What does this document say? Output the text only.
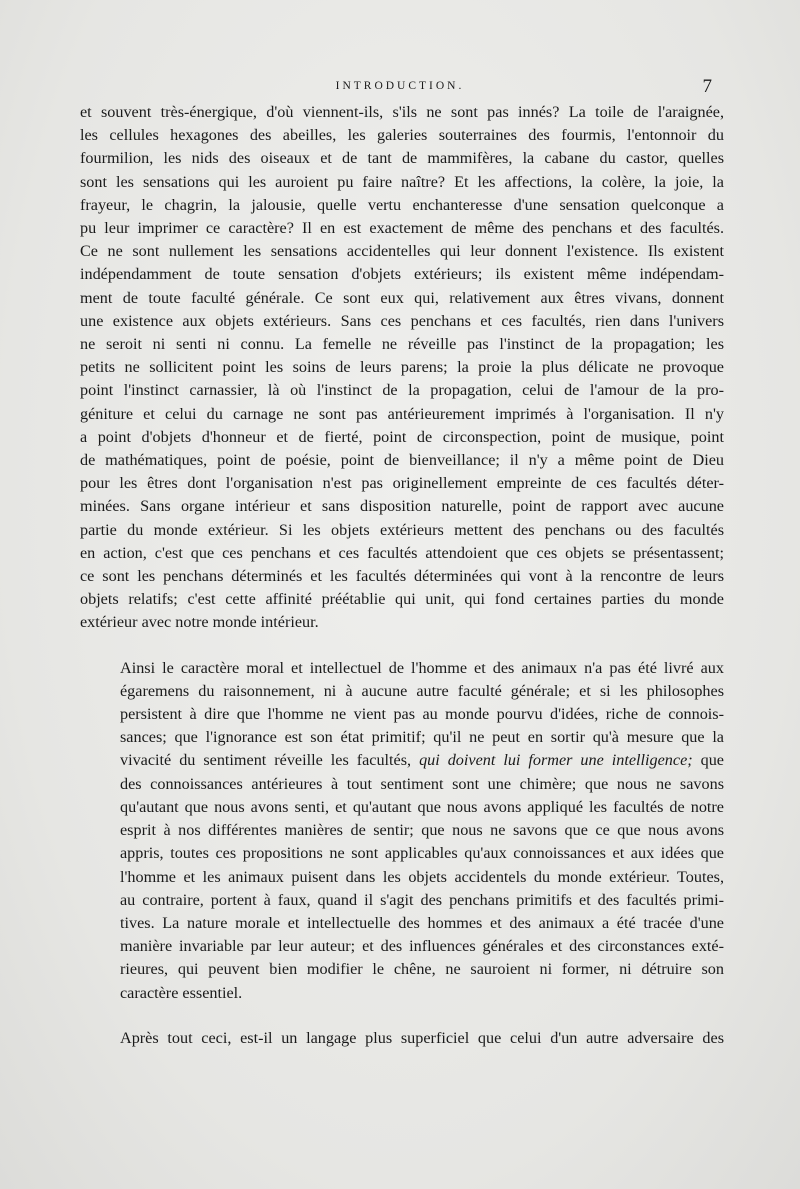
INTRODUCTION.	7

et souvent très-énergique, d'où viennent-ils, s'ils ne sont pas innés? La toile de l'araignée,
les cellules hexagones des abeilles, les galeries souterraines des fourmis, l'entonnoir du
fourmilion, les nids des oiseaux et de tant de mammifères, la cabane du castor, quelles
sont les sensations qui les auroient pu faire naître? Et les affections, la colère, la joie, la
frayeur, le chagrin, la jalousie, quelle vertu enchanteresse d'une sensation quelconque a
pu leur imprimer ce caractère? Il en est exactement de même des penchans et des facultés.
Ce ne sont nullement les sensations accidentelles qui leur donnent l'existence. Ils existent
indépendamment de toute sensation d'objets extérieurs; ils existent même indépendam-
ment de toute faculté générale. Ce sont eux qui, relativement aux êtres vivans, donnent
une existence aux objets extérieurs. Sans ces penchans et ces facultés, rien dans l'univers
ne seroit ni senti ni connu. La femelle ne réveille pas l'instinct de la propagation; les
petits ne sollicitent point les soins de leurs parens; la proie la plus délicate ne provoque
point l'instinct carnassier, là où l'instinct de la propagation, celui de l'amour de la pro-
géniture et celui du carnage ne sont pas antérieurement imprimés à l'organisation. Il n'y
a point d'objets d'honneur et de fierté, point de circonspection, point de musique, point
de mathématiques, point de poésie, point de bienveillance; il n'y a même point de Dieu
pour les êtres dont l'organisation n'est pas originellement empreinte de ces facultés déter-
minées. Sans organe intérieur et sans disposition naturelle, point de rapport avec aucune
partie du monde extérieur. Si les objets extérieurs mettent des penchans ou des facultés
en action, c'est que ces penchans et ces facultés attendoient que ces objets se présentassent;
ce sont les penchans déterminés et les facultés déterminées qui vont à la rencontre de leurs
objets relatifs; c'est cette affinité préétablie qui unit, qui fond certaines parties du monde
extérieur avec notre monde intérieur.

Ainsi le caractère moral et intellectuel de l'homme et des animaux n'a pas été livré aux
égaremens du raisonnement, ni à aucune autre faculté générale; et si les philosophes
persistent à dire que l'homme ne vient pas au monde pourvu d'idées, riche de connois-
sances; que l'ignorance est son état primitif; qu'il ne peut en sortir qu'à mesure que la
vivacité du sentiment réveille les facultés, qui doivent lui former une intelligence; que
des connoissances antérieures à tout sentiment sont une chimère; que nous ne savons
qu'autant que nous avons senti, et qu'autant que nous avons appliqué les facultés de notre
esprit à nos différentes manières de sentir; que nous ne savons que ce que nous avons
appris, toutes ces propositions ne sont applicables qu'aux connoissances et aux idées que
l'homme et les animaux puisent dans les objets accidentels du monde extérieur. Toutes,
au contraire, portent à faux, quand il s'agit des penchans primitifs et des facultés primi-
tives. La nature morale et intellectuelle des hommes et des animaux a été tracée d'une
manière invariable par leur auteur; et des influences générales et des circonstances exté-
rieures, qui peuvent bien modifier le chêne, ne sauroient ni former, ni détruire son
caractère essentiel.

Après tout ceci, est-il un langage plus superficiel que celui d'un autre adversaire des
